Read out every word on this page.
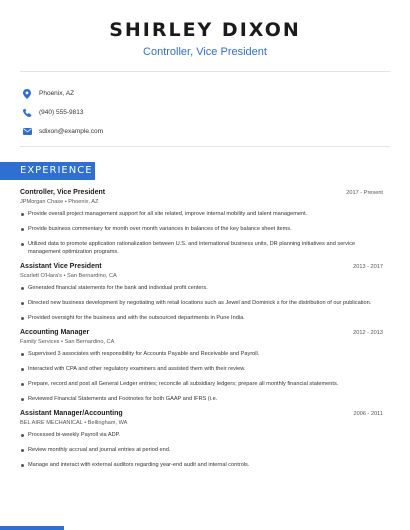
SHIRLEY DIXON
Controller, Vice President
Phoenix, AZ
(940) 555-9813
sdixon@example.com
EXPERIENCE
Controller, Vice President	2017 - Present
JPMorgan Chase • Phoenix, AZ
Provide overall project management support for all site related, improve internal mobility and talent management.
Provide business commentary for month over month variances in balances of the key balance sheet items.
Utilized data to promote application rationalization between U.S. and international business units, DR planning initiatives and service management optimization programs.
Assistant Vice President	2013 - 2017
Scarlett O'Hara's • San Bernardino, CA
Generated financial statements for the bank and individual profit centers.
Directed new business development by negotiating with retail locations such as Jewel and Dominick s for the distribution of our publication.
Provided oversight for the business and with the outsourced departments in Pune India.
Accounting Manager	2012 - 2013
Family Services • San Bernardino, CA
Supervised 3 associates with responsibility for Accounts Payable and Receivable and Payroll.
Interacted with CPA and other regulatory examiners and assisted them with their review.
Prepare, record and post all General Ledger entries; reconcile all subsidiary ledgers; prepare all monthly financial statements.
Reviewed Financial Statements and Footnotes for both GAAP and IFRS (i.e.
Assistant Manager/Accounting	2006 - 2011
BEL AIRE MECHANICAL • Bellingham, WA
Processed bi-weekly Payroll via ADP.
Review monthly accrual and journal entries at period end.
Manage and interact with external auditors regarding year-end audit and internal controls.
